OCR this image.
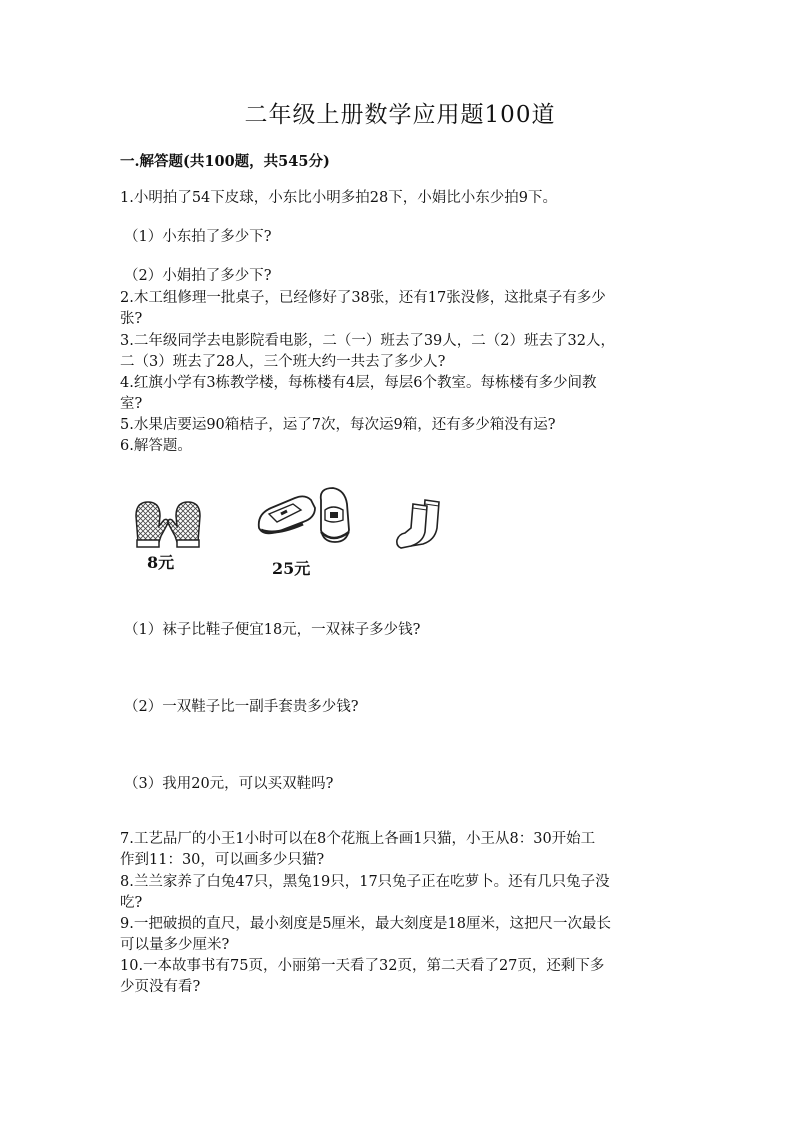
二年级上册数学应用题100道
一.解答题(共100题，共545分)
1.小明拍了54下皮球，小东比小明多拍28下，小娟比小东少拍9下。
（1）小东拍了多少下?
（2）小娟拍了多少下?
2.木工组修理一批桌子，已经修好了38张，还有17张没修，这批桌子有多少
张?
3.二年级同学去电影院看电影，二（一）班去了39人，二（2）班去了32人，
二（3）班去了28人，三个班大约一共去了多少人?
4.红旗小学有3栋教学楼，每栋楼有4层，每层6个教室。每栋楼有多少间教
室?
5.水果店要运90箱桔子，运了7次，每次运9箱，还有多少箱没有运?
6.解答题。
8元	25元
（1）袜子比鞋子便宜18元，一双袜子多少钱?
（2）一双鞋子比一副手套贵多少钱?
（3）我用20元，可以买双鞋吗?
7.工艺品厂的小王1小时可以在8个花瓶上各画1只猫，小王从8：30开始工
作到11：30，可以画多少只猫?
8.兰兰家养了白兔47只，黑兔19只，17只兔子正在吃萝卜。还有几只兔子没
吃?
9.一把破损的直尺，最小刻度是5厘米，最大刻度是18厘米，这把尺一次最长
可以量多少厘米?
10.一本故事书有75页，小丽第一天看了32页，第二天看了27页，还剩下多
少页没有看?
